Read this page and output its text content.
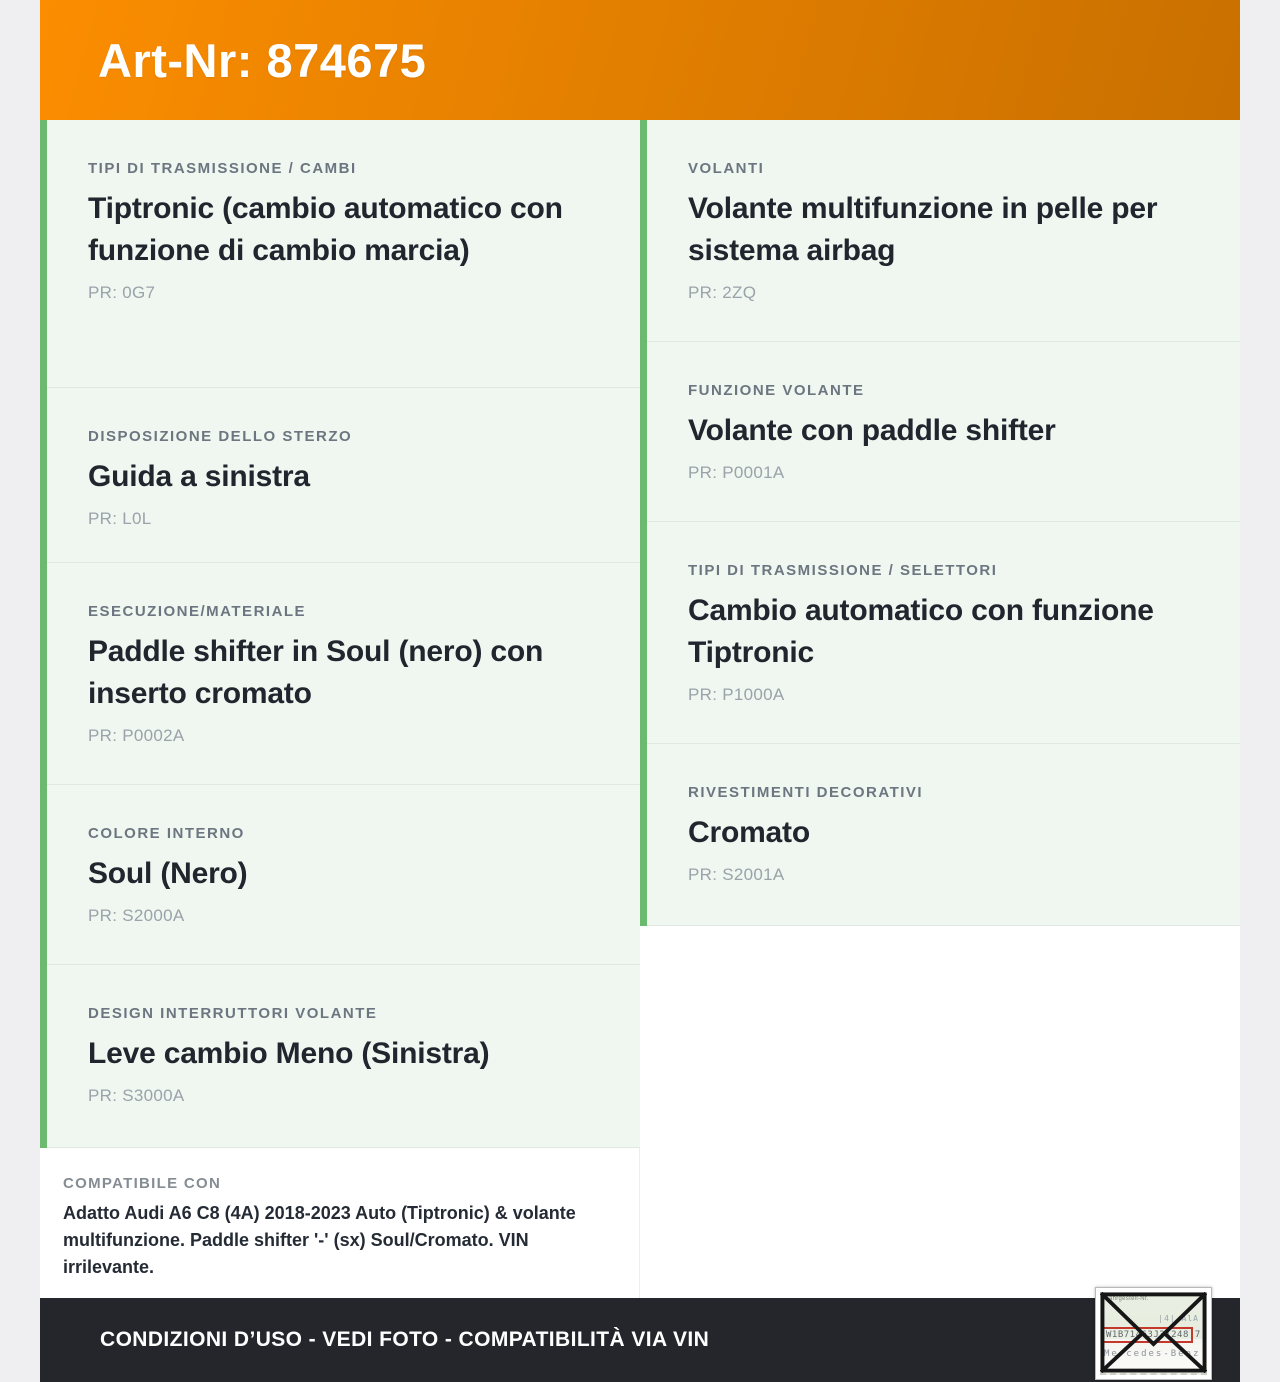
Art-Nr: 874675
TIPI DI TRASMISSIONE / CAMBI
Tiptronic (cambio automatico con funzione di cambio marcia)
PR: 0G7
DISPOSIZIONE DELLO STERZO
Guida a sinistra
PR: L0L
ESECUZIONE/MATERIALE
Paddle shifter in Soul (nero) con inserto cromato
PR: P0002A
COLORE INTERNO
Soul (Nero)
PR: S2000A
DESIGN INTERRUTTORI VOLANTE
Leve cambio Meno (Sinistra)
PR: S3000A
COMPATIBILE CON
Adatto Audi A6 C8 (4A) 2018-2023 Auto (Tiptronic) & volante multifunzione. Paddle shifter '-' (sx) Soul/Cromato. VIN irrilevante.
VOLANTI
Volante multifunzione in pelle per sistema airbag
PR: 2ZQ
FUNZIONE VOLANTE
Volante con paddle shifter
PR: P0001A
TIPI DI TRASMISSIONE / SELETTORI
Cambio automatico con funzione Tiptronic
PR: P1000A
RIVESTIMENTI DECORATIVI
Cromato
PR: S2001A
CONDIZIONI D’USO - VEDI FOTO - COMPATIBILITÀ VIA VIN
Fahrgestell-Nr.
|4| AlA
W1B71463J31248 7
Mercedes-Benz
